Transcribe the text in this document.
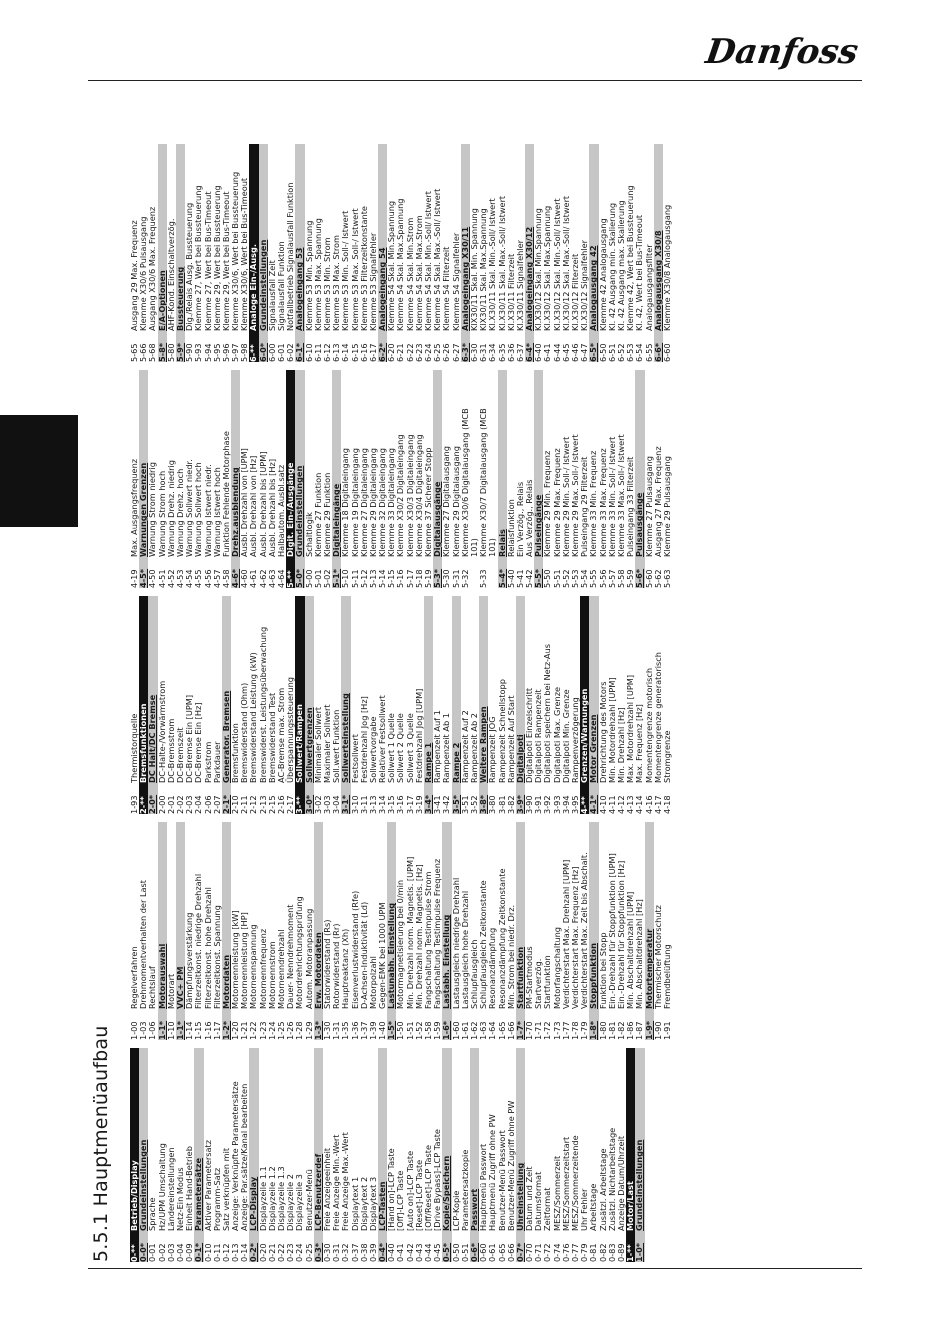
Danfoss
5.5.1 Hauptmenüaufbau
0-**
Betrieb/Display
0-0*
Grundeinstellungen
0-01
Sprache
0-02
Hz/UPM Umschaltung
0-03
Ländereinstellungen
0-04
Netz-Ein Modus
0-09
Einheit Hand-Betrieb
0-1*
Parametersätze
0-10
Aktiver Parametersatz
0-11
Programm-Satz
0-12
Satz verknüpfen mit
0-13
Anzeige: Verknüpfte Parametersätze
0-14
Anzeige: Par.sätze/Kanal bearbeiten
0-2*
LCP-Display
0-20
Displayzeile 1.1
0-21
Displayzeile 1.2
0-22
Displayzeile 1.3
0-23
Displayzeile 2
0-24
Displayzeile 3
0-25
Benutzer-Menü
0-3*
LCP-Benutzerdef
0-30
Freie Anzeigeeinheit
0-31
Freie Anzeige Min.-Wert
0-32
Freie Anzeige Max.-Wert
0-37
Displaytext 1
0-38
Displaytext 2
0-39
Displaytext 3
0-4*
LCP-Tasten
0-40
[Hand on]-LCP Taste
0-41
[Off]-LCP Taste
0-42
[Auto on]-LCP Taste
0-43
[Reset]-LCP Taste
0-44
[Off/Reset]-LCP Taste
0-45
[Drive Bypass]-LCP Taste
0-5*
Kopie/Speichern
0-50
LCP-Kopie
0-51
Parametersatzkopie
0-6*
Passwort
0-60
Hauptmenü Passwort
0-61
Hauptmenü Zugriff ohne PW
0-65
Benutzer-Menü Passwort
0-66
Benutzer-Menü Zugriff ohne PW
0-7*
Uhreinstellung
0-70
Datum und Zeit
0-71
Datumsformat
0-72
Zeitformat
0-74
MESZ/Sommerzeit
0-76
MESZ/Sommerzeitstart
0-77
MESZ/Sommerzeitende
0-79
Uhr Fehler
0-81
Arbeitstage
0-82
Zusätzl. Arbeitstage
0-83
Zusätzl. Nichtarbeitstage
0-89
Anzeige Datum/Uhrzeit
1-**
Motor/Last
1-0*
Grundeinstellungen
1-00
Regelverfahren
1-03
Drehmomentverhalten der Last
1-06
Rechtslauf
1-1*
Motorauswahl
1-10
Motorart
1-1*
VVC+ PM
1-14
Dämpfungsverstärkung
1-15
Filterzeitkonst. niedrige Drehzahl
1-16
Filterzeitkonst. hohe Drehzahl
1-17
Filterzeitkonst. Spannung
1-2*
Motordaten
1-20
Motornennleistung [kW]
1-21
Motornennleistung [HP]
1-22
Motornennspannung
1-23
Motornennfrequenz
1-24
Motornennstrom
1-25
Motornenndrehzahl
1-26
Dauer- Nenndrehmoment
1-28
Motordrehrichtungsprüfung
1-29
Autom. Motoranpassung
1-3*
Erw. Motordaten
1-30
Statorwiderstand (Rs)
1-31
Rotorwiderstand (Rr)
1-35
Hauptreaktanz (Xh)
1-36
Eisenverlustwiderstand (Rfe)
1-37
D-Achsen-Induktivität (Ld)
1-39
Motorpolzahl
1-40
Gegen-EMK bei 1000 UPM
1-5*
Lastunabh. Einstellung
1-50
Motormagnetisierung bei 0/min
1-51
Min. Drehzahl norm. Magnetis. [UPM]
1-52
Min. Drehzahl norm. Magnetis. [Hz]
1-58
Fangschaltung Testimpulse Strom
1-59
Fangschaltung Testimpulse Frequenz
1-6*
Lastabh. Einstellung
1-60
Lastausgleich niedrige Drehzahl
1-61
Lastausgleich hohe Drehzahl
1-62
Schlupfausgleich
1-63
Schlupfausgleich Zeitkonstante
1-64
Resonanzdämpfung
1-65
Resonanzdämpfung Zeitkonstante
1-66
Min. Strom bei niedr. Drz.
1-7*
Startfunktion
1-70
PM-Startmodus
1-71
Startverzög.
1-72
Startfunktion
1-73
Motorfangschaltung
1-77
Verdichterstart Max. Drehzahl [UPM]
1-78
Verdichterstart Max. Frequenz [Hz]
1-79
Verdichterstart Max. Zeit bis Abschalt.
1-8*
Stoppfunktion
1-80
Funktion bei Stopp
1-81
Ein.-Drehzahl für Stoppfunktion [UPM]
1-82
Ein.-Drehzahl für Stoppfunktion [Hz]
1-86
Min. Abschaltdrehzahl [UPM]
1-87
Min. Abschaltdrehzahl [Hz]
1-9*
Motortemperatur
1-90
Thermischer Motorschutz
1-91
Fremdbelüftung
1-93
Thermistorquelle
2-**
Bremsfunktionen
2-0*
DC Halt/DC Bremse
2-00
DC-Halte-/Vorwärmstrom
2-01
DC-Bremsstrom
2-02
DC-Bremszeit
2-03
DC-Bremse Ein [UPM]
2-04
DC-Bremse Ein [Hz]
2-06
Parkstrom
2-07
Parkdauer
2-1*
Generator. Bremsen
2-10
Bremsfunktion
2-11
Bremswiderstand (Ohm)
2-12
Bremswiderstand Leistung (kW)
2-13
Bremswiderst. Leistungsüberwachung
2-15
Bremswiderstand Test
2-16
AC-Bremse max. Strom
2-17
Überspannungssteuerung
3-**
Sollwert/Rampen
3-0*
Sollwertgrenzen
3-02
Minimaler Sollwert
3-03
Maximaler Sollwert
3-04
Soll.wert Funktion
3-1*
Sollwerteinstellung
3-10
Festsollwert
3-11
Festdrehzahl Jog [Hz]
3-13
Sollwertvorgabe
3-14
Relativer Festsollwert
3-15
Sollwert 1 Quelle
3-16
Sollwert 2 Quelle
3-17
Sollwert 3 Quelle
3-19
Festdrehzahl Jog [UPM]
3-4*
Rampe 1
3-41
Rampenzeit Auf 1
3-42
Rampenzeit Ab 1
3-5*
Rampe 2
3-51
Rampenzeit Auf 2
3-52
Rampenzeit Ab 2
3-8*
Weitere Rampen
3-80
Rampenzeit JOG
3-81
Rampenzeit Schnellstopp
3-82
Rampenzeit Auf Start
3-9*
Digitalpoti
3-90
Digitalpoti Einzelschritt
3-91
Digitalpoti Rampenzeit
3-92
Digitalpoti speichern bei Netz-Aus
3-93
Digitalpoti Max. Grenze
3-94
Digitalpoti Min. Grenze
3-95
Rampenverzögerung
4-**
Grenzen/Warnungen
4-1*
Motor Grenzen
4-10
Drehrichtung des Motors
4-11
Min. Motordrehzahl [UPM]
4-12
Min. Drehzahl [Hz]
4-13
Max. Motordrehzahl [UPM]
4-14
Max. Frequenz [Hz]
4-16
Momentengrenze motorisch
4-17
Momentengrenze generatorisch
4-18
Stromgrenze
4-19
Max. Ausgangsfrequenz
4-5*
Warnungen Grenzen
4-50
Warnung Strom niedrig
4-51
Warnung Strom hoch
4-52
Warnung Drehz. niedrig
4-53
Warnung Drehz. hoch
4-54
Warnung Sollwert niedr.
4-55
Warnung Sollwert hoch
4-56
Warnung Istwert niedr.
4-57
Warnung Istwert hoch
4-58
Funktion Fehlende Motorphase
4-6*
Drehz.ausblendung
4-60
Ausbl. Drehzahl von [UPM]
4-61
Ausbl. Drehzahl von [Hz]
4-62
Ausbl. Drehzahl bis [UPM]
4-63
Ausbl. Drehzahl bis [Hz]
4-64
Halbautom. Ausbl.satz
5-**
Digit. Ein-/Ausgänge
5-0*
Grundeinstellungen
5-00
Schaltlogik
5-01
Klemme 27 Funktion
5-02
Klemme 29 Funktion
5-1*
Digitaleingänge
5-10
Klemme 18 Digitaleingang
5-11
Klemme 19 Digitaleingang
5-12
Klemme 27 Digitaleingang
5-13
Klemme 29 Digitaleingang
5-14
Klemme 32 Digitaleingang
5-15
Klemme 33 Digitaleingang
5-16
Klemme X30/2 Digitaleingang
5-17
Klemme X30/3 Digitaleingang
5-18
Klemme X30/4 Digitaleingang
5-19
Klemme 37 Sicherer Stopp
5-3*
Digitalausgänge
5-30
Klemme 27 Digitalausgang
5-31
Klemme 29 Digitalausgang
5-32
Klemme X30/6 Digitalausgang (MCB 101)
5-33
Klemme X30/7 Digitalausgang (MCB 101)
5-4*
Relais
5-40
Relaisfunktion
5-41
Ein Verzög., Relais
5-42
Aus Verzög., Relais
5-5*
Pulseingänge
5-50
Klemme 29 Min. Frequenz
5-51
Klemme 29 Max. Frequenz
5-52
Klemme 29 Min. Soll-/ Istwert
5-53
Klemme 29 Max. Soll-/ Istwert
5-54
Pulseingang 29 Filterzeit
5-55
Klemme 33 Min. Frequenz
5-56
Klemme 33 Max. Frequenz
5-57
Klemme 33 Min. Soll-/ Istwert
5-58
Klemme 33 Max. Soll-/ Istwert
5-59
Pulseingang 33 Filterzeit
5-6*
Pulsausgänge
5-60
Klemme 27 Pulsausgang
5-62
Ausgang 27 Max. Frequenz
5-63
Klemme 29 Pulsausgang
5-65
Ausgang 29 Max. Frequenz
5-66
Klemme X30/6 Pulsausgang
5-68
Ausgang X30/6 Max. Frequenz
5-8*
E/A-Optionen
5-80
AHF-Kond. Einschaltverzög.
5-9*
Bussteuerung
5-90
Dig./Relais Ausg. Bussteuerung
5-93
Klemme 27, Wert bei Bussteuerung
5-94
Klemme 27, Wert bei Bus-Timeout
5-95
Klemme 29, Wert bei Bussteuerung
5-96
Klemme 29, Wert bei Bus-Timeout
5-97
Klemme X30/6, Wert bei Bussteuerung
5-98
Klemme X30/6, Wert bei Bus-Timeout
6-**
Analoge Ein-/Ausg.
6-0*
Grundeinstellungen
6-00
Signalausfall Zeit
6-01
Signalausfall Funktion
6-02
Notfallbetrieb Signalausfall Funktion
6-1*
Analogeingang 53
6-10
Klemme 53 Min. Spannung
6-11
Klemme 53 Max. Spannung
6-12
Klemme 53 Min. Strom
6-13
Klemme 53 Max. Strom
6-14
Klemme 53 Min. Soll-/ Istwert
6-15
Klemme 53 Max. Soll-/ Istwert
6-16
Klemme 53 Filterzeitkonstante
6-17
Klemme 53 Signalfehler
6-2*
Analogeingang 54
6-20
Klemme 54 Skal. Min.Spannung
6-21
Klemme 54 Skal. Max.Spannung
6-22
Klemme 54 Skal. Min.Strom
6-23
Klemme 54 Skal. Max.Strom
6-24
Klemme 54 Skal. Min.-Soll/ Istwert
6-25
Klemme 54 Skal. Max.-Soll/ Istwert
6-26
Klemme 54 Filterzeit
6-27
Klemme 54 Signalfehler
6-3*
Analogeingang X30/11
6-30
KlX30/11 Skal. Min. Spannung
6-31
KlX30/11 Skal. Max.Spannung
6-34
Kl.X30/11 Skal. Min.-Soll/ Istwert
6-35
Kl.X30/11 Skal. Max.-Soll/ Istwert
6-36
Kl.X30/11 Filterzeit
6-37
Kl.X30/11 Signalfehler
6-4*
Analogeingang X30/12
6-40
Kl.X30/12 Skal. Min.Spannung
6-41
Kl.X30/12 Skal. Max.Spannung
6-44
Kl.X30/12 Skal. Min.-Soll/ Istwert
6-45
Kl.X30/12 Skal. Max.-Soll/ Istwert
6-46
Kl.X30/12 Filterzeit
6-47
Kl.X30/12 Signalfehler
6-5*
Analogausgang 42
6-50
Klemme 42 Analogausgang
6-51
Kl. 42 Ausgang min. Skalierung
6-52
Kl. 42 Ausgang max. Skalierung
6-53
Klemme 42, Wert bei Bussteuerung
6-54
Kl. 42, Wert bei Bus-Timeout
6-55
Analogausgangsfilter
6-6*
Analogausgang X30/8
6-60
Klemme X30/8 Analogausgang
